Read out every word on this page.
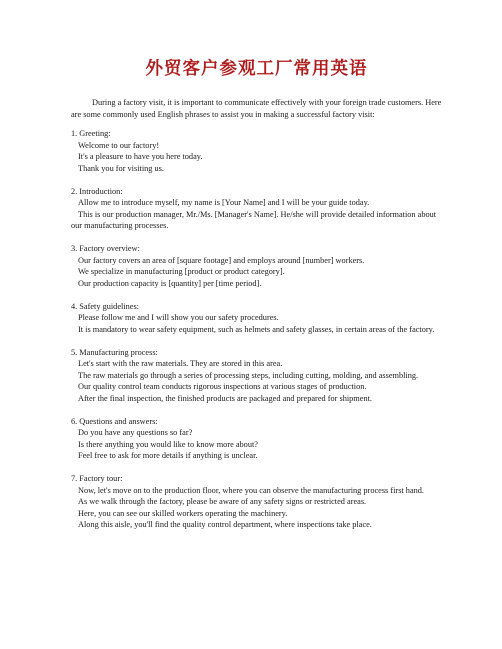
外贸客户参观工厂常用英语

During a factory visit, it is important to communicate effectively with your foreign trade customers. Here are some commonly used English phrases to assist you in making a successful factory visit:

1. Greeting:

Welcome to our factory!

It's a pleasure to have you here today.

Thank you for visiting us.

2. Introduction:

Allow me to introduce myself, my name is [Your Name] and I will be your guide today.

This is our production manager, Mr./Ms. [Manager's Name]. He/she will provide detailed information about our manufacturing processes.

3. Factory overview:

Our factory covers an area of [square footage] and employs around [number] workers.

We specialize in manufacturing [product or product category].

Our production capacity is [quantity] per [time period].

4. Safety guidelines:

Please follow me and I will show you our safety procedures.

It is mandatory to wear safety equipment, such as helmets and safety glasses, in certain areas of the factory.

5. Manufacturing process:

Let's start with the raw materials. They are stored in this area.

The raw materials go through a series of processing steps, including cutting, molding, and assembling.

Our quality control team conducts rigorous inspections at various stages of production.

After the final inspection, the finished products are packaged and prepared for shipment.

6. Questions and answers:

Do you have any questions so far?

Is there anything you would like to know more about?

Feel free to ask for more details if anything is unclear.

7. Factory tour:

Now, let's move on to the production floor, where you can observe the manufacturing process first hand.

As we walk through the factory, please be aware of any safety signs or restricted areas.

Here, you can see our skilled workers operating the machinery.

Along this aisle, you'll find the quality control department, where inspections take place.
